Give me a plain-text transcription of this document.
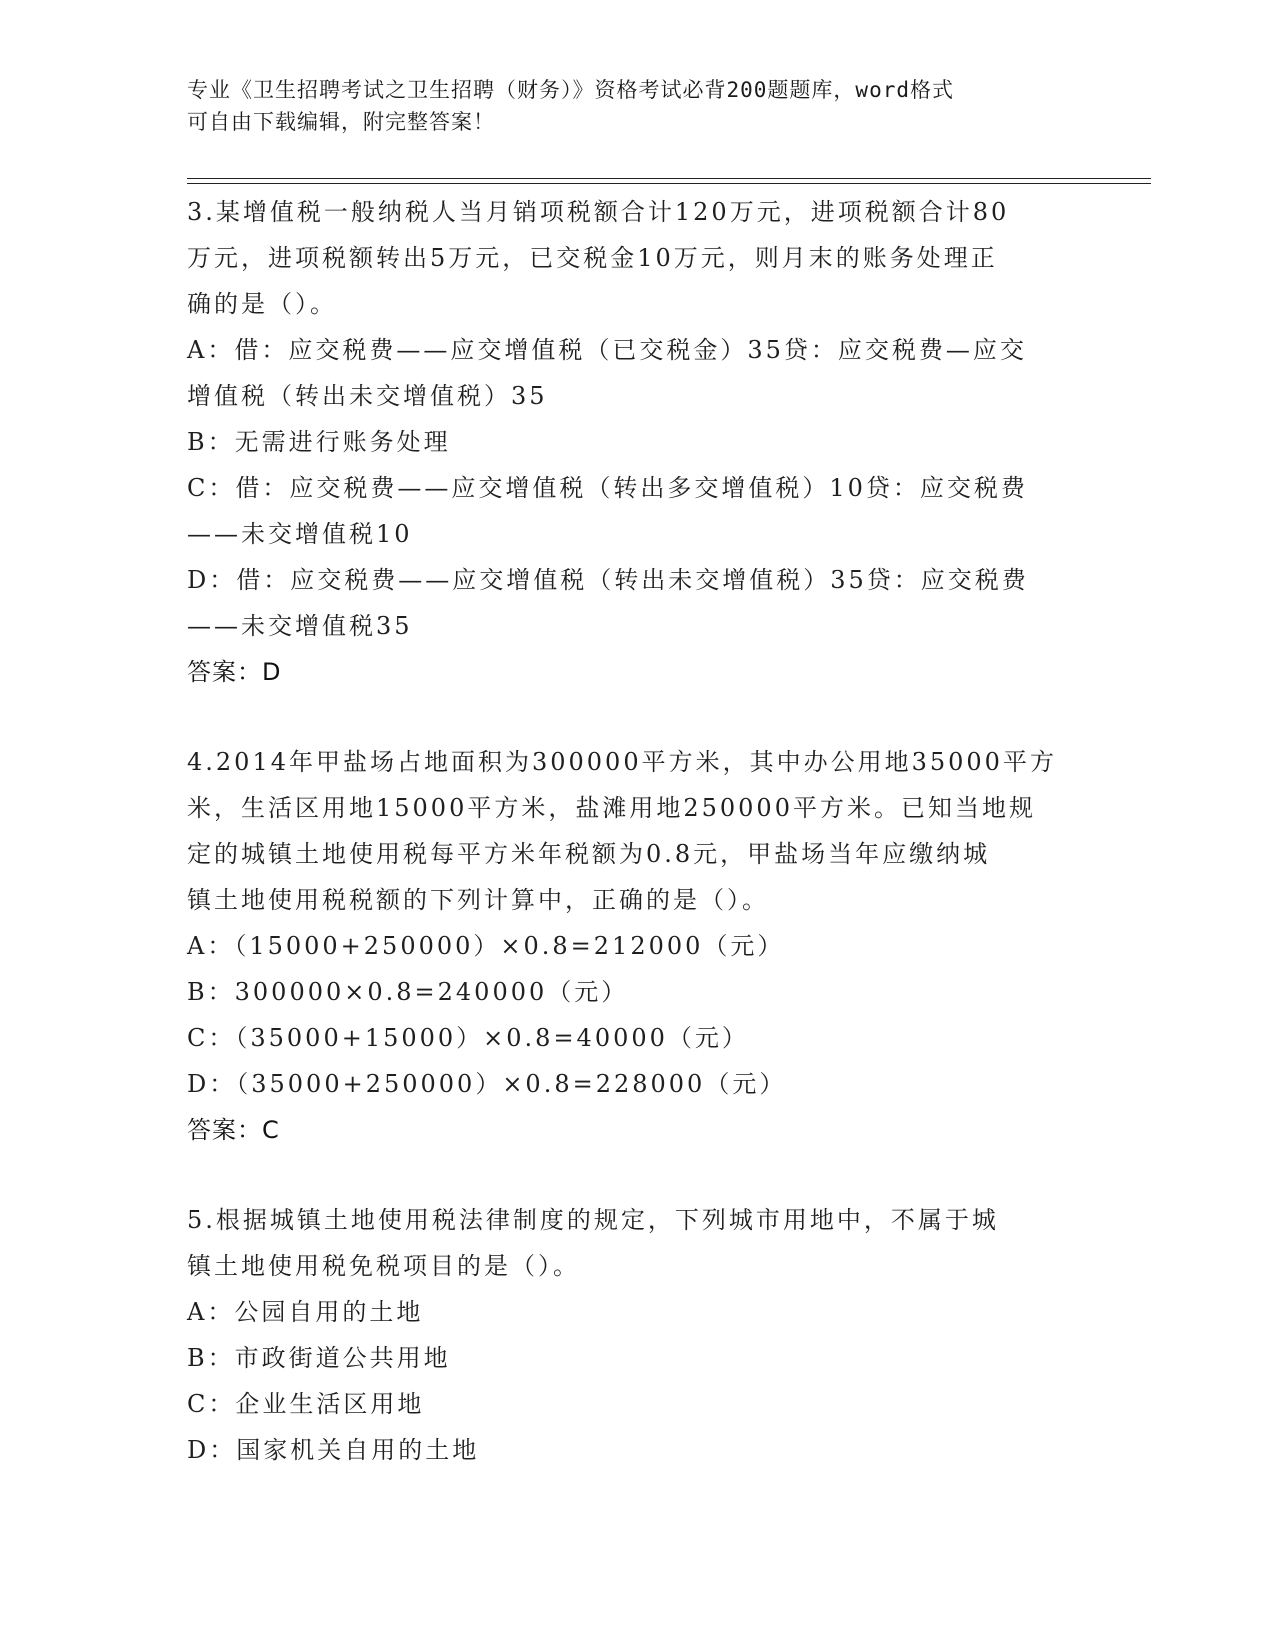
专业《卫生招聘考试之卫生招聘（财务）》资格考试必背200题题库，word格式
可自由下载编辑，附完整答案！
3.某增值税一般纳税人当月销项税额合计120万元，进项税额合计80
万元，进项税额转出5万元，已交税金10万元，则月末的账务处理正
确的是（）。
A：借：应交税费——应交增值税（已交税金）35贷：应交税费—应交
增值税（转出未交增值税）35
B：无需进行账务处理
C：借：应交税费——应交增值税（转出多交增值税）10贷：应交税费
——未交增值税10
D：借：应交税费——应交增值税（转出未交增值税）35贷：应交税费
——未交增值税35
答案：D
4.2014年甲盐场占地面积为300000平方米，其中办公用地35000平方
米，生活区用地15000平方米，盐滩用地250000平方米。已知当地规
定的城镇土地使用税每平方米年税额为0.8元，甲盐场当年应缴纳城
镇土地使用税税额的下列计算中，正确的是（）。
A：（15000+250000）×0.8=212000（元）
B：300000×0.8=240000（元）
C：（35000+15000）×0.8=40000（元）
D：（35000+250000）×0.8=228000（元）
答案：C
5.根据城镇土地使用税法律制度的规定，下列城市用地中，不属于城
镇土地使用税免税项目的是（）。
A：公园自用的土地
B：市政街道公共用地
C：企业生活区用地
D：国家机关自用的土地
